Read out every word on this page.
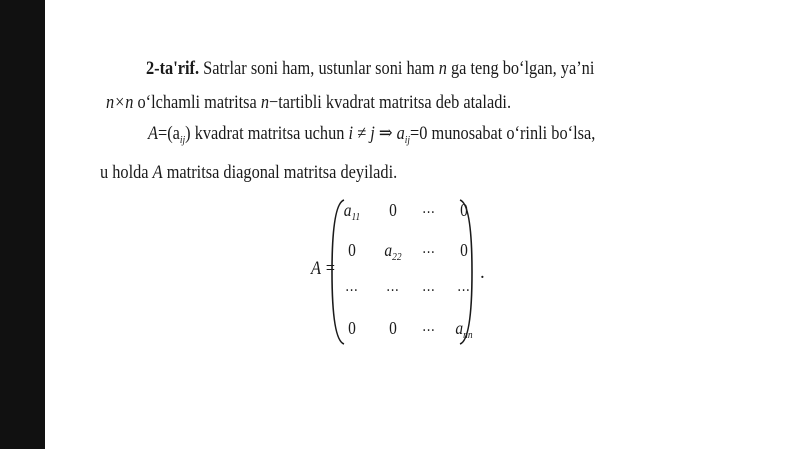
2-ta'rif. Satrlar soni ham, ustunlar soni ham n ga teng bo‘lgan, ya’ni
n×n o‘lchamli matritsa n−tartibli kvadrat matritsa deb ataladi.
$A=(a_{ij})$ kvadrat matritsa uchun i ≠ j ⇒ $a_{ij}=0$ munosabat o‘rinli bo‘lsa,
u holda A matritsa diagonal matritsa deyiladi.
A =
$a_{11}$	0	...	0
0	$a_{22}$	...	0
...	...	...	...
0	0	...	$a_{nn}$
.
